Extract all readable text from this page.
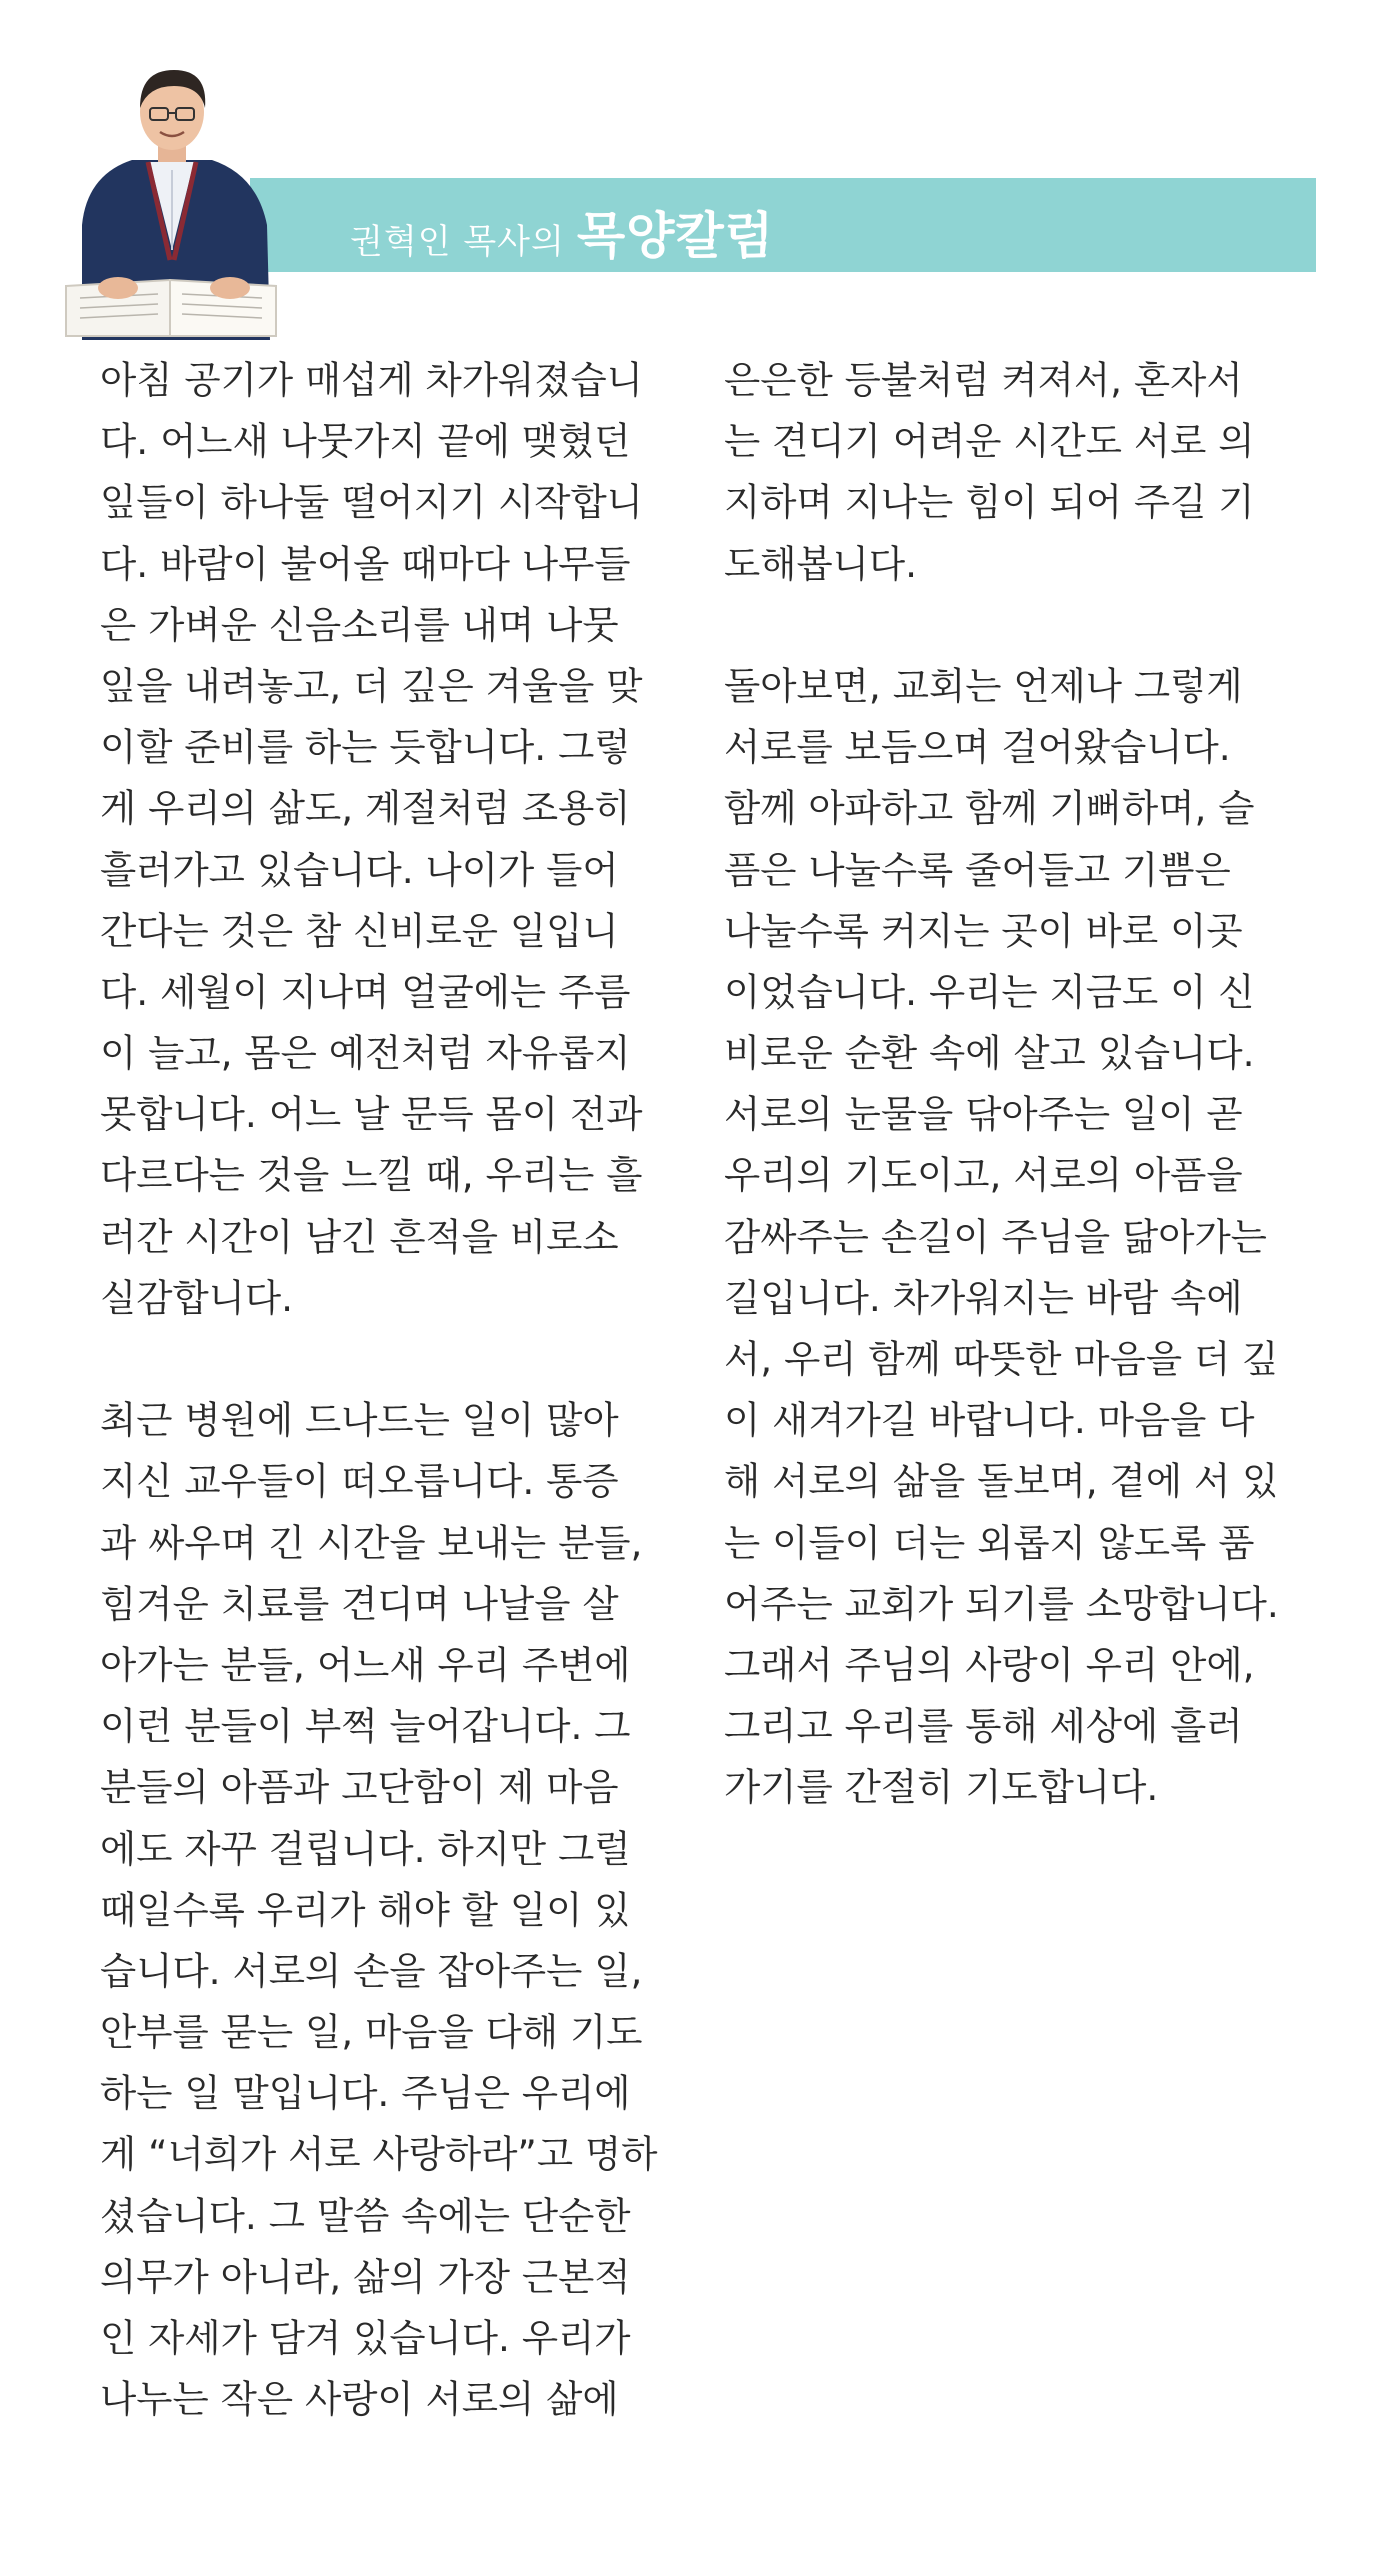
권혁인 목사의 목양칼럼
아침 공기가 매섭게 차가워졌습니
다. 어느새 나뭇가지 끝에 맺혔던
잎들이 하나둘 떨어지기 시작합니
다. 바람이 불어올 때마다 나무들
은 가벼운 신음소리를 내며 나뭇
잎을 내려놓고, 더 깊은 겨울을 맞
이할 준비를 하는 듯합니다. 그렇
게 우리의 삶도, 계절처럼 조용히
흘러가고 있습니다. 나이가 들어
간다는 것은 참 신비로운 일입니
다. 세월이 지나며 얼굴에는 주름
이 늘고, 몸은 예전처럼 자유롭지
못합니다. 어느 날 문득 몸이 전과
다르다는 것을 느낄 때, 우리는 흘
러간 시간이 남긴 흔적을 비로소
실감합니다.
최근 병원에 드나드는 일이 많아
지신 교우들이 떠오릅니다. 통증
과 싸우며 긴 시간을 보내는 분들,
힘겨운 치료를 견디며 나날을 살
아가는 분들, 어느새 우리 주변에
이런 분들이 부쩍 늘어갑니다. 그
분들의 아픔과 고단함이 제 마음
에도 자꾸 걸립니다. 하지만 그럴
때일수록 우리가 해야 할 일이 있
습니다. 서로의 손을 잡아주는 일,
안부를 묻는 일, 마음을 다해 기도
하는 일 말입니다. 주님은 우리에
게 “너희가 서로 사랑하라”고 명하
셨습니다. 그 말씀 속에는 단순한
의무가 아니라, 삶의 가장 근본적
인 자세가 담겨 있습니다. 우리가
나누는 작은 사랑이 서로의 삶에
은은한 등불처럼 켜져서, 혼자서
는 견디기 어려운 시간도 서로 의
지하며 지나는 힘이 되어 주길 기
도해봅니다.
돌아보면, 교회는 언제나 그렇게
서로를 보듬으며 걸어왔습니다.
함께 아파하고 함께 기뻐하며, 슬
픔은 나눌수록 줄어들고 기쁨은
나눌수록 커지는 곳이 바로 이곳
이었습니다. 우리는 지금도 이 신
비로운 순환 속에 살고 있습니다.
서로의 눈물을 닦아주는 일이 곧
우리의 기도이고, 서로의 아픔을
감싸주는 손길이 주님을 닮아가는
길입니다. 차가워지는 바람 속에
서, 우리 함께 따뜻한 마음을 더 깊
이 새겨가길 바랍니다. 마음을 다
해 서로의 삶을 돌보며, 곁에 서 있
는 이들이 더는 외롭지 않도록 품
어주는 교회가 되기를 소망합니다.
그래서 주님의 사랑이 우리 안에,
그리고 우리를 통해 세상에 흘러
가기를 간절히 기도합니다.
